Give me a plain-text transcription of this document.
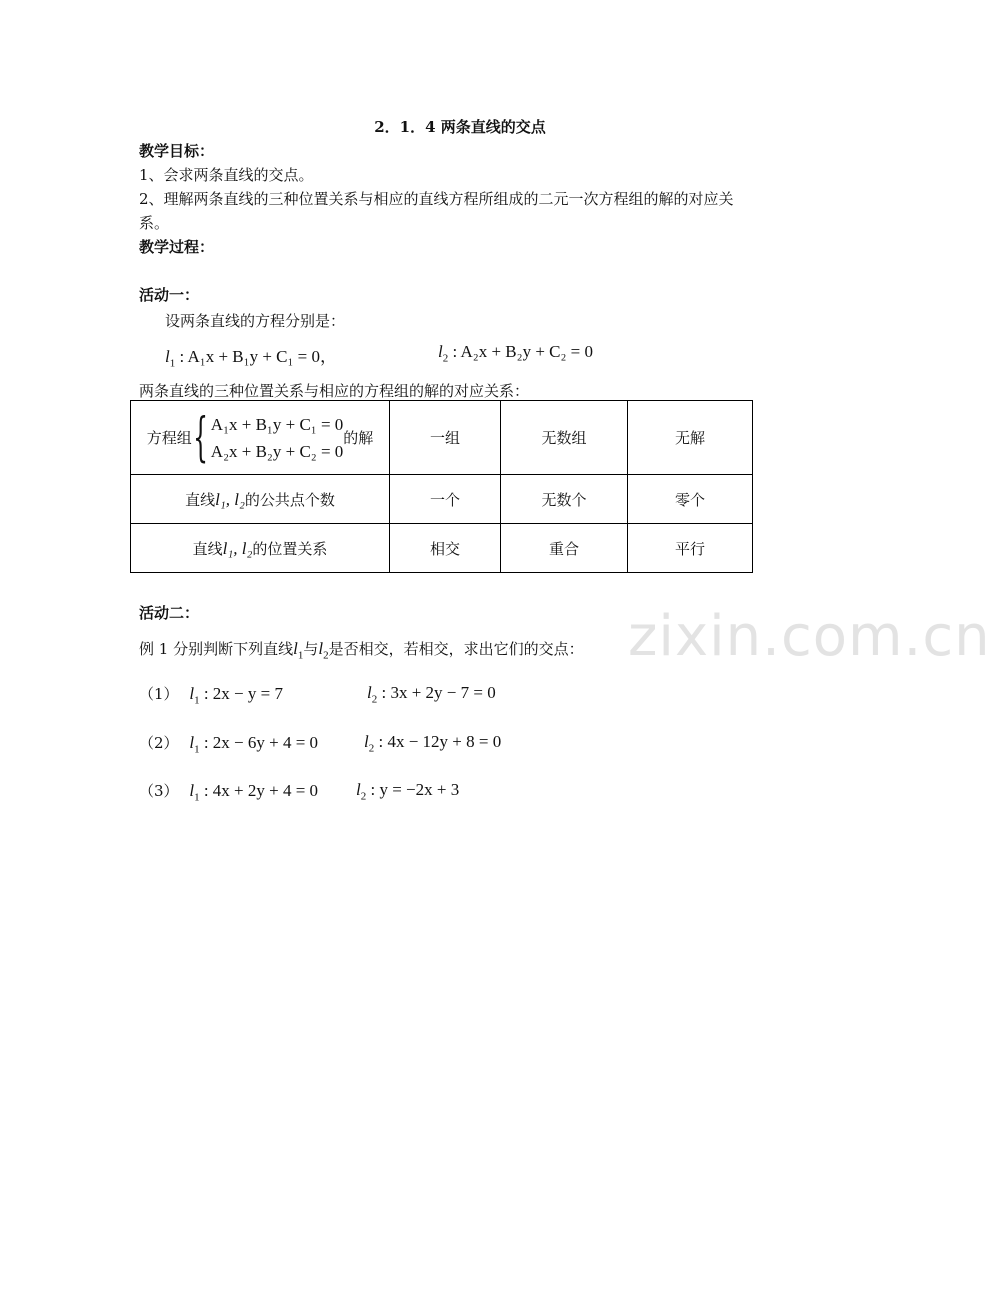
zixin.com.cn
2．1．4 两条直线的交点
教学目标：
1、会求两条直线的交点。
2、理解两条直线的三种位置关系与相应的直线方程所组成的二元一次方程组的解的对应关
系。
教学过程：
活动一：
设两条直线的方程分别是：
$l_1$ : A₁x + B₁y + C₁ = 0，	$l_2$ : A₂x + B₂y + C₂ = 0
两条直线的三种位置关系与相应的方程组的解的对应关系：
方程组 { A₁x + B₁y + C₁ = 0
A₂x + B₂y + C₂ = 0
的解	一组	无数组	无解
直线l₁, l₂的公共点个数	一个	无数个	零个
直线l₁, l₂的位置关系	相交	重合	平行
活动二：
例 1 分别判断下列直线$l_1$与$l_2$是否相交，若相交，求出它们的交点：
（1） $l_1$ : 2x − y = 7	$l_2$ : 3x + 2y − 7 = 0
（2） $l_1$ : 2x − 6y + 4 = 0	$l_2$ : 4x − 12y + 8 = 0
（3） $l_1$ : 4x + 2y + 4 = 0 $l_2$ : y = −2x + 3
